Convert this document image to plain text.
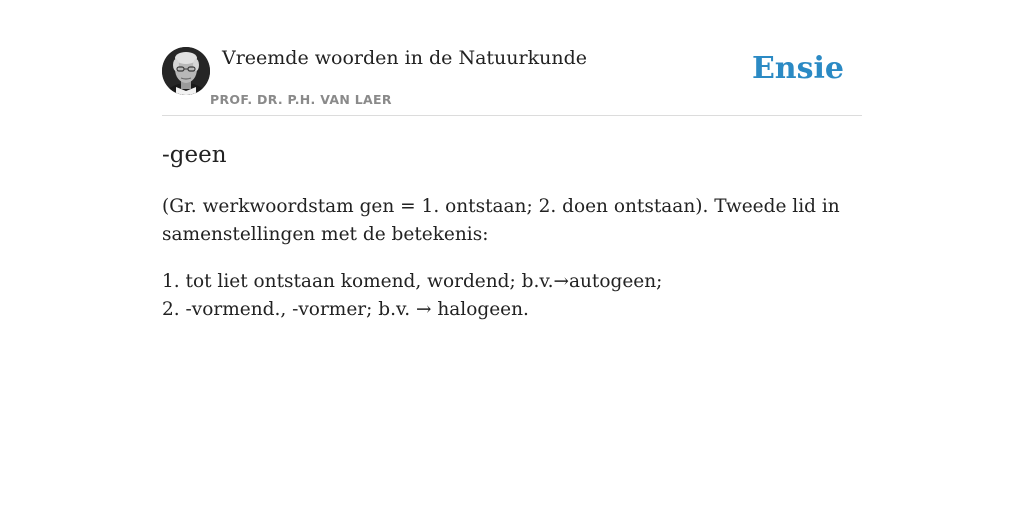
Vreemde woorden in de Natuurkunde
PROF. DR. P.H. VAN LAER
Ensie
-geen

(Gr. werkwoordstam gen = 1. ontstaan; 2. doen ontstaan). Tweede lid in
samenstellingen met de betekenis:

1. tot liet ontstaan komend, wordend; b.v.→autogeen;
2. -vormend., -vormer; b.v. → halogeen.
